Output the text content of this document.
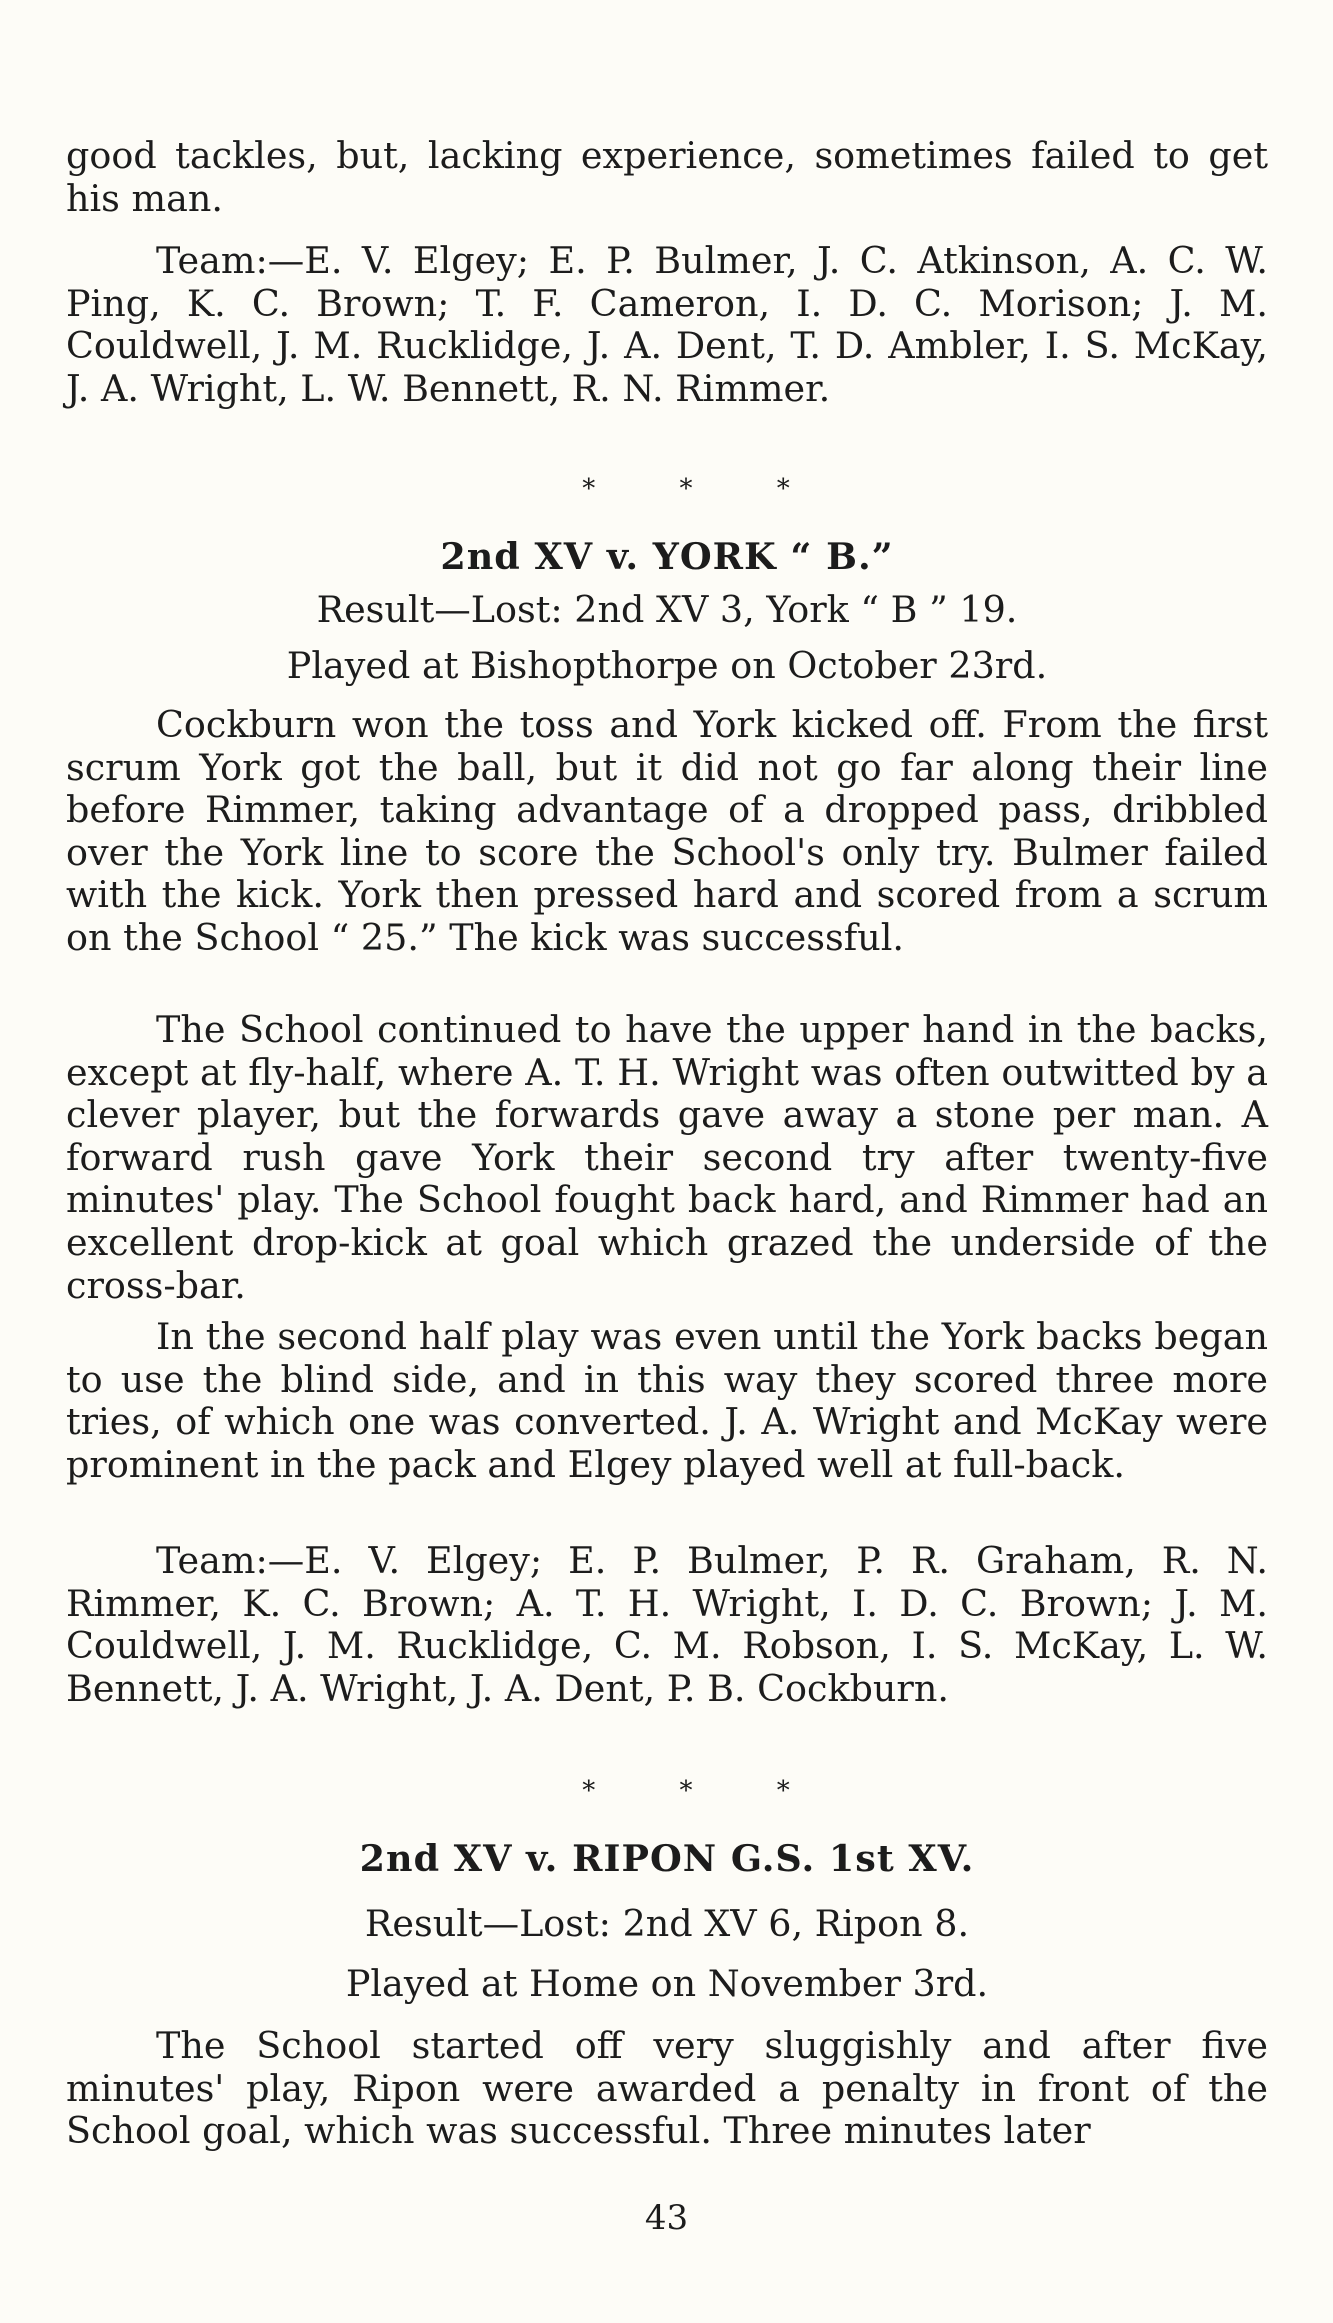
good tackles, but, lacking experience, sometimes failed to get his man.

Team:—E. V. Elgey; E. P. Bulmer, J. C. Atkinson, A. C. W. Ping, K. C. Brown; T. F. Cameron, I. D. C. Morison; J. M. Couldwell, J. M. Rucklidge, J. A. Dent, T. D. Ambler, I. S. McKay, J. A. Wright, L. W. Bennett, R. N. Rimmer.

* * *

2nd XV v. YORK “ B.”

Result—Lost: 2nd XV 3, York “ B ” 19.

Played at Bishopthorpe on October 23rd.

Cockburn won the toss and York kicked off. From the first scrum York got the ball, but it did not go far along their line before Rimmer, taking advantage of a dropped pass, dribbled over the York line to score the School's only try. Bulmer failed with the kick. York then pressed hard and scored from a scrum on the School “ 25.” The kick was successful.

The School continued to have the upper hand in the backs, except at fly-half, where A. T. H. Wright was often outwitted by a clever player, but the forwards gave away a stone per man. A forward rush gave York their second try after twenty-five minutes' play. The School fought back hard, and Rimmer had an excellent drop-kick at goal which grazed the underside of the cross-bar.

In the second half play was even until the York backs began to use the blind side, and in this way they scored three more tries, of which one was converted. J. A. Wright and McKay were prominent in the pack and Elgey played well at full-back.

Team:—E. V. Elgey; E. P. Bulmer, P. R. Graham, R. N. Rimmer, K. C. Brown; A. T. H. Wright, I. D. C. Brown; J. M. Couldwell, J. M. Rucklidge, C. M. Robson, I. S. McKay, L. W. Bennett, J. A. Wright, J. A. Dent, P. B. Cockburn.

* * *

2nd XV v. RIPON G.S. 1st XV.

Result—Lost: 2nd XV 6, Ripon 8.

Played at Home on November 3rd.

The School started off very sluggishly and after five minutes' play, Ripon were awarded a penalty in front of the School goal, which was successful. Three minutes later

43
